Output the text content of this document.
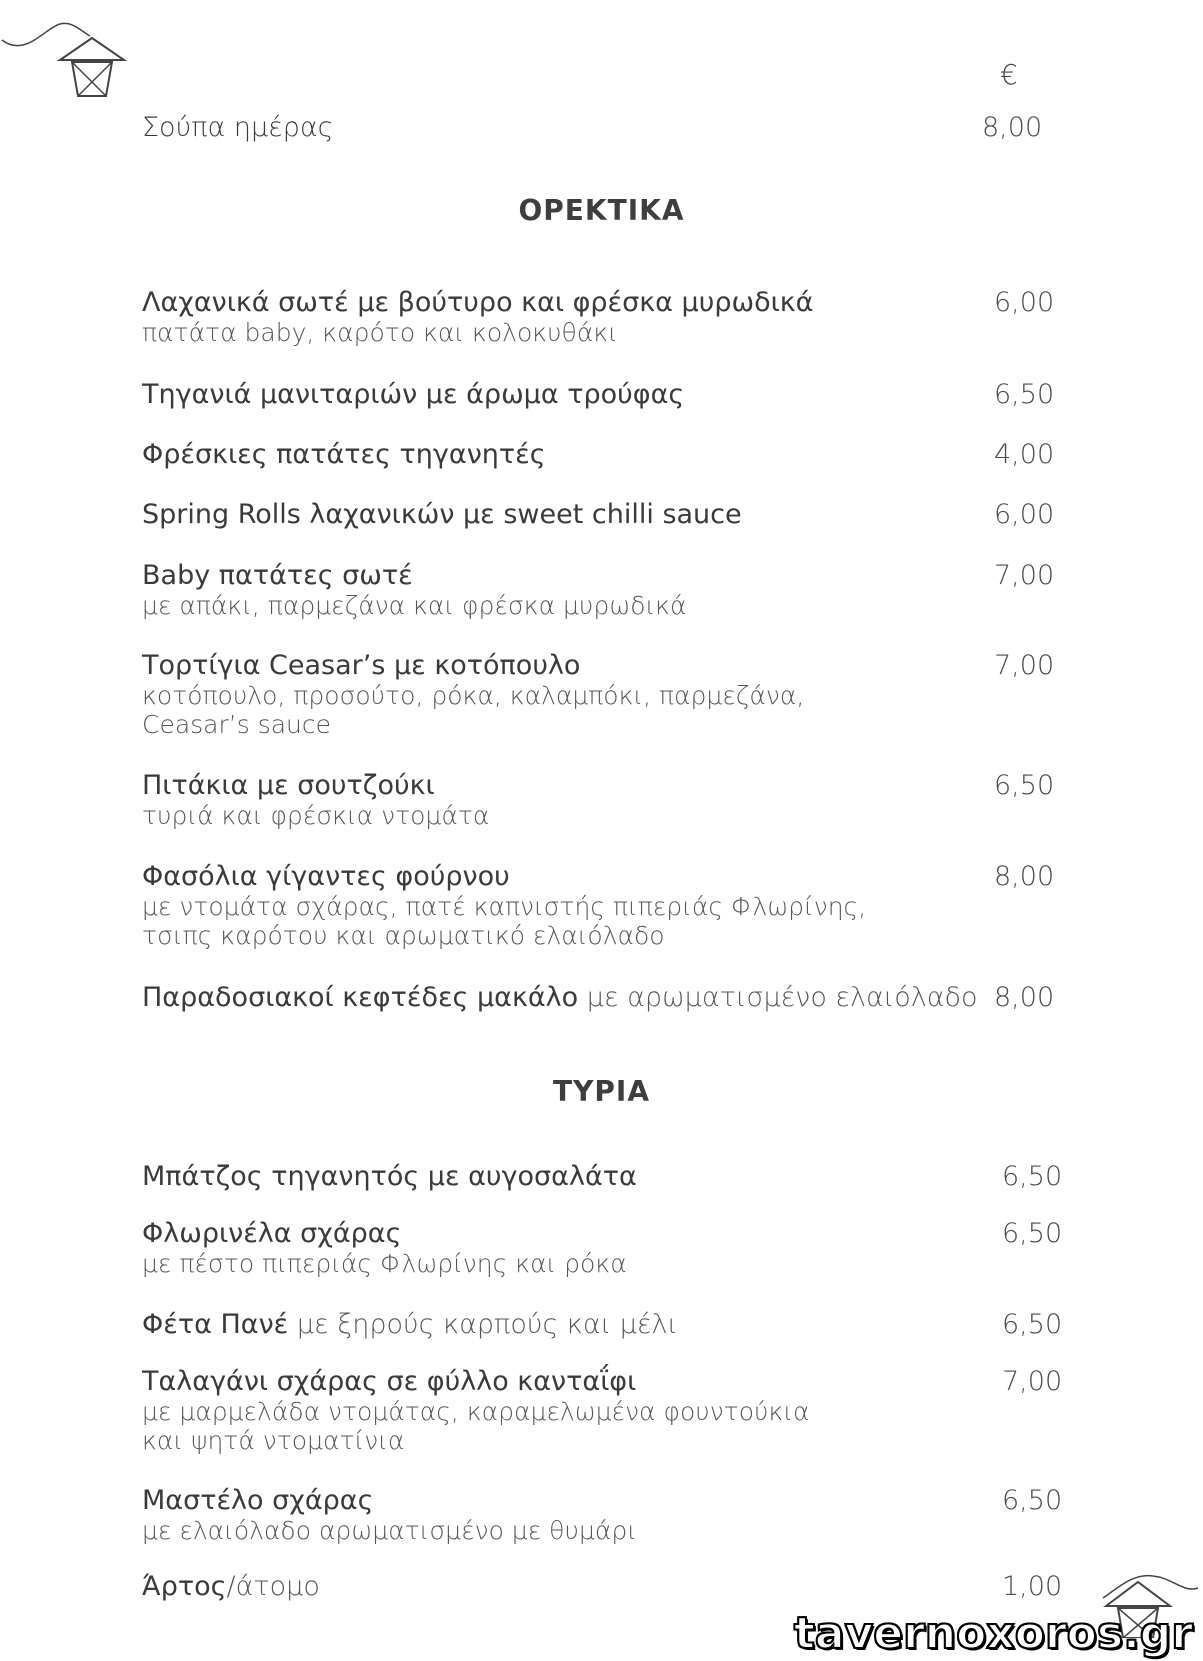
€
Σούπα ημέρας	8,00
ΟΡΕΚΤΙΚΑ
Λαχανικά σωτέ με βούτυρο και φρέσκα μυρωδικά
πατάτα baby, καρότο και κολοκυθάκι
6,00
Τηγανιά μανιταριών με άρωμα τρούφας	6,50
Φρέσκιες πατάτες τηγανητές	4,00
Spring Rolls λαχανικών με sweet chilli sauce	6,00
Baby πατάτες σωτέ
με απάκι, παρμεζάνα και φρέσκα μυρωδικά
7,00
Τορτίγια Ceasar’s με κοτόπουλο
κοτόπουλο, προσούτο, ρόκα, καλαμπόκι, παρμεζάνα,
Ceasar’s sauce
7,00
Πιτάκια με σουτζούκι
τυριά και φρέσκια ντομάτα
6,50
Φασόλια γίγαντες φούρνου
με ντομάτα σχάρας, πατέ καπνιστής πιπεριάς Φλωρίνης,
τσιπς καρότου και αρωματικό ελαιόλαδο
8,00
Παραδοσιακοί κεφτέδες μακάλο με αρωματισμένο ελαιόλαδο 8,00
ΤΥΡΙΑ
Μπάτζος τηγανητός με αυγοσαλάτα	6,50
Φλωρινέλα σχάρας
με πέστο πιπεριάς Φλωρίνης και ρόκα
6,50
Φέτα Πανέ με ξηρούς καρπούς και μέλι	6,50
Ταλαγάνι σχάρας σε φύλλο κανταΐφι
με μαρμελάδα ντομάτας, καραμελωμένα φουντούκια
και ψητά ντοματίνια
7,00
Μαστέλο σχάρας
με ελαιόλαδο αρωματισμένο με θυμάρι
6,50
Άρτος/άτομο	1,00
tavernoxoros.gr
